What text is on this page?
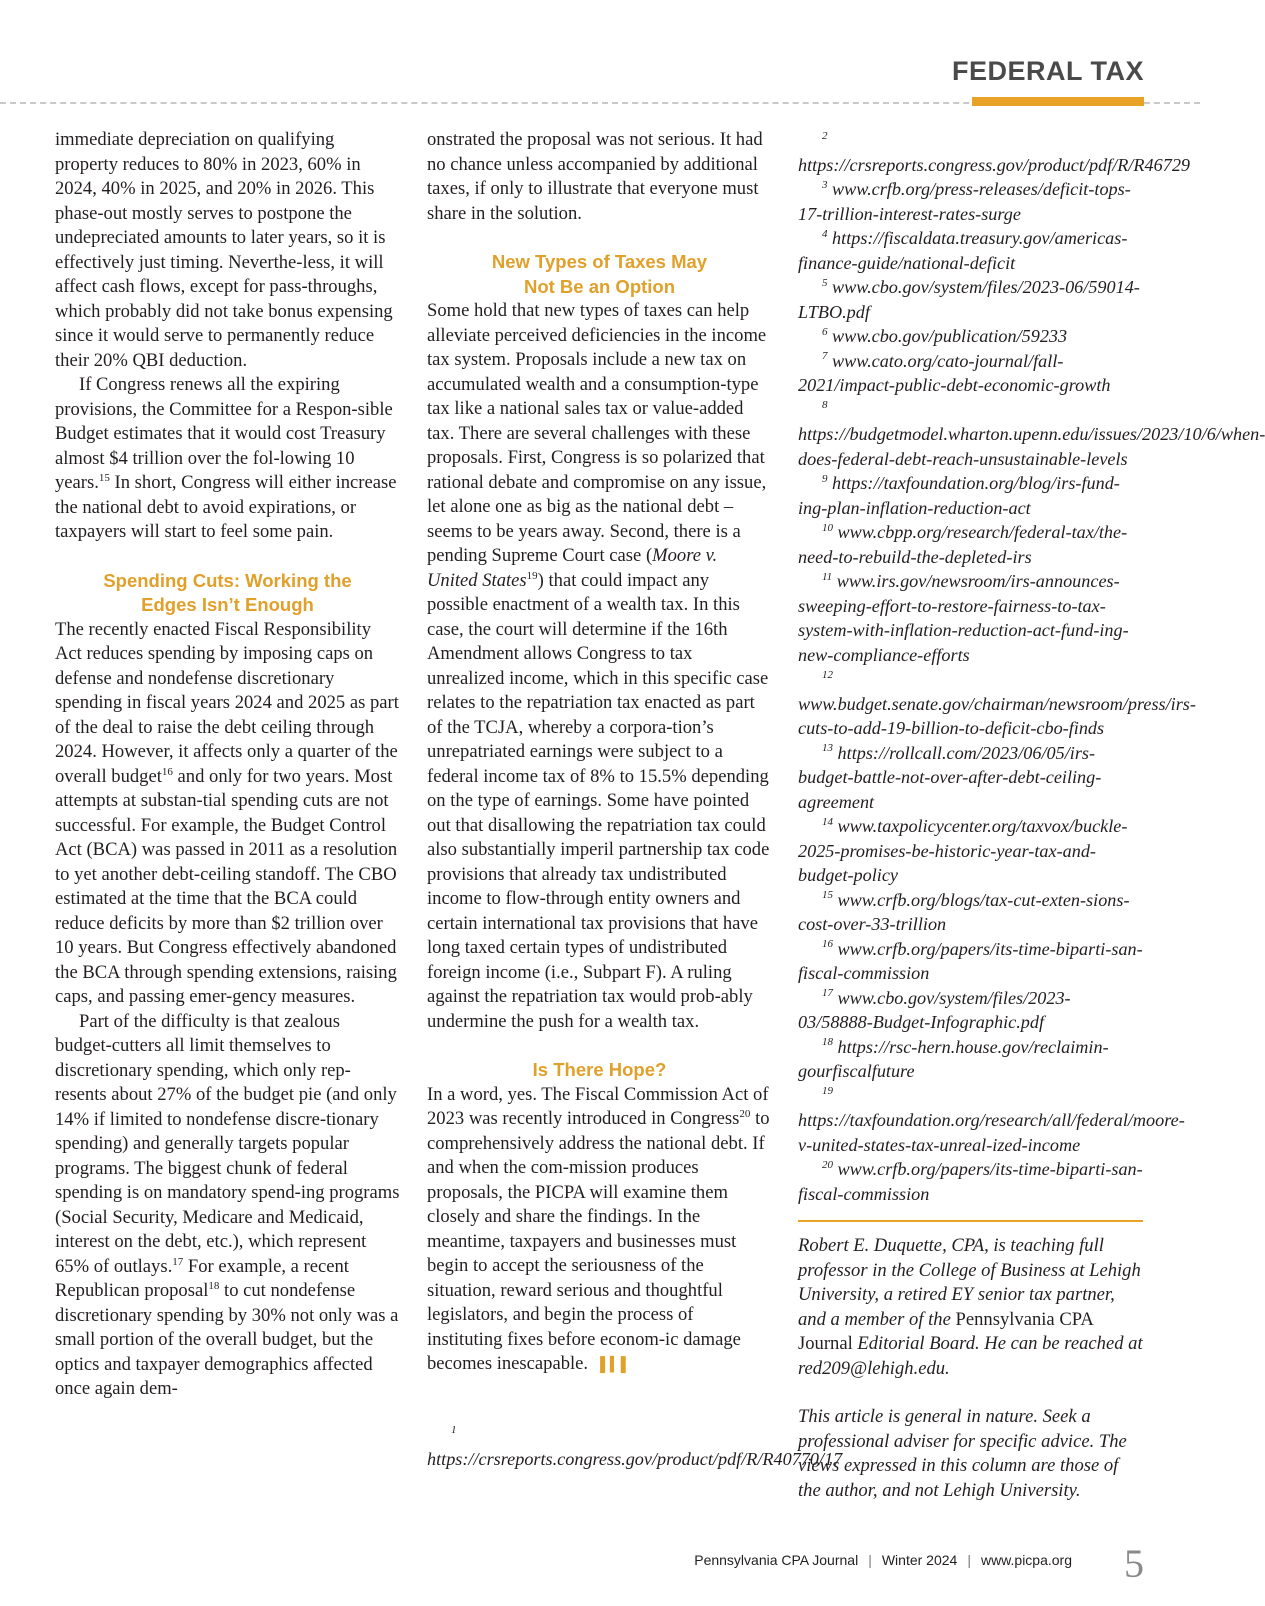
FEDERAL TAX

immediate depreciation on qualifying property reduces to 80% in 2023, 60% in 2024, 40% in 2025, and 20% in 2026. This phase-out mostly serves to postpone the undepreciated amounts to later years, so it is effectively just timing. Neverthe-less, it will affect cash flows, except for pass-throughs, which probably did not take bonus expensing since it would serve to permanently reduce their 20% QBI deduction.

If Congress renews all the expiring provisions, the Committee for a Respon-sible Budget estimates that it would cost Treasury almost $4 trillion over the fol-lowing 10 years.$^{15}$ In short, Congress will either increase the national debt to avoid expirations, or taxpayers will start to feel some pain.

Spending Cuts: Working the
Edges Isn’t Enough

The recently enacted Fiscal Responsibility Act reduces spending by imposing caps on defense and nondefense discretionary spending in fiscal years 2024 and 2025 as part of the deal to raise the debt ceiling through 2024. However, it affects only a quarter of the overall budget$^{16}$ and only for two years. Most attempts at substan-tial spending cuts are not successful. For example, the Budget Control Act (BCA) was passed in 2011 as a resolution to yet another debt-ceiling standoff. The CBO estimated at the time that the BCA could reduce deficits by more than $2 trillion over 10 years. But Congress effectively abandoned the BCA through spending extensions, raising caps, and passing emer-gency measures.

Part of the difficulty is that zealous budget-cutters all limit themselves to discretionary spending, which only rep-resents about 27% of the budget pie (and only 14% if limited to nondefense discre-tionary spending) and generally targets popular programs. The biggest chunk of federal spending is on mandatory spend-ing programs (Social Security, Medicare and Medicaid, interest on the debt, etc.), which represent 65% of outlays.$^{17}$ For example, a recent Republican proposal$^{18}$ to cut nondefense discretionary spending by 30% not only was a small portion of the overall budget, but the optics and taxpayer demographics affected once again dem-

onstrated the proposal was not serious. It had no chance unless accompanied by additional taxes, if only to illustrate that everyone must share in the solution.

New Types of Taxes May
Not Be an Option

Some hold that new types of taxes can help alleviate perceived deficiencies in the income tax system. Proposals include a new tax on accumulated wealth and a consumption-type tax like a national sales tax or value-added tax. There are several challenges with these proposals. First, Congress is so polarized that rational debate and compromise on any issue, let alone one as big as the national debt – seems to be years away. Second, there is a pending Supreme Court case (Moore v. United States$^{19}$) that could impact any possible enactment of a wealth tax. In this case, the court will determine if the 16th Amendment allows Congress to tax unrealized income, which in this specific case relates to the repatriation tax enacted as part of the TCJA, whereby a corpora-tion’s unrepatriated earnings were subject to a federal income tax of 8% to 15.5% depending on the type of earnings. Some have pointed out that disallowing the repatriation tax could also substantially imperil partnership tax code provisions that already tax undistributed income to flow-through entity owners and certain international tax provisions that have long taxed certain types of undistributed foreign income (i.e., Subpart F). A ruling against the repatriation tax would prob-ably undermine the push for a wealth tax.

Is There Hope?

In a word, yes. The Fiscal Commission Act of 2023 was recently introduced in Congress$^{20}$ to comprehensively address the national debt. If and when the com-mission produces proposals, the PICPA will examine them closely and share the findings. In the meantime, taxpayers and businesses must begin to accept the seriousness of the situation, reward serious and thoughtful legislators, and begin the process of instituting fixes before econom-ic damage becomes inescapable. ▌▍▌

$^1$ https://crsreports.congress.gov/product/pdf/R/R40770/17

$^2$ https://crsreports.congress.gov/product/pdf/R/R46729

$^3$ www.crfb.org/press-releases/deficit-tops-17-trillion-interest-rates-surge

$^4$ https://fiscaldata.treasury.gov/americas-finance-guide/national-deficit

$^5$ www.cbo.gov/system/files/2023-06/59014-LTBO.pdf

$^6$ www.cbo.gov/publication/59233

$^7$ www.cato.org/cato-journal/fall-2021/impact-public-debt-economic-growth

$^8$ https://budgetmodel.wharton.upenn.edu/issues/2023/10/6/when-does-federal-debt-reach-unsustainable-levels

$^9$ https://taxfoundation.org/blog/irs-fund-ing-plan-inflation-reduction-act

$^{10}$ www.cbpp.org/research/federal-tax/the-need-to-rebuild-the-depleted-irs

$^{11}$ www.irs.gov/newsroom/irs-announces-sweeping-effort-to-restore-fairness-to-tax-system-with-inflation-reduction-act-fund-ing-new-compliance-efforts

$^{12}$ www.budget.senate.gov/chairman/newsroom/press/irs-cuts-to-add-19-billion-to-deficit-cbo-finds

$^{13}$ https://rollcall.com/2023/06/05/irs-budget-battle-not-over-after-debt-ceiling-agreement

$^{14}$ www.taxpolicycenter.org/taxvox/buckle-2025-promises-be-historic-year-tax-and-budget-policy

$^{15}$ www.crfb.org/blogs/tax-cut-exten-sions-cost-over-33-trillion

$^{16}$ www.crfb.org/papers/its-time-biparti-san-fiscal-commission

$^{17}$ www.cbo.gov/system/files/2023-03/58888-Budget-Infographic.pdf

$^{18}$ https://rsc-hern.house.gov/reclaimin-gourfiscalfuture

$^{19}$ https://taxfoundation.org/research/all/federal/moore-v-united-states-tax-unreal-ized-income

$^{20}$ www.crfb.org/papers/its-time-biparti-san-fiscal-commission

Robert E. Duquette, CPA, is teaching full professor in the College of Business at Lehigh University, a retired EY senior tax partner, and a member of the Pennsylvania CPA Journal Editorial Board. He can be reached at red209@lehigh.edu.

This article is general in nature. Seek a professional adviser for specific advice. The views expressed in this column are those of the author, and not Lehigh University.

Pennsylvania CPA Journal | Winter 2024 | www.picpa.org 5
